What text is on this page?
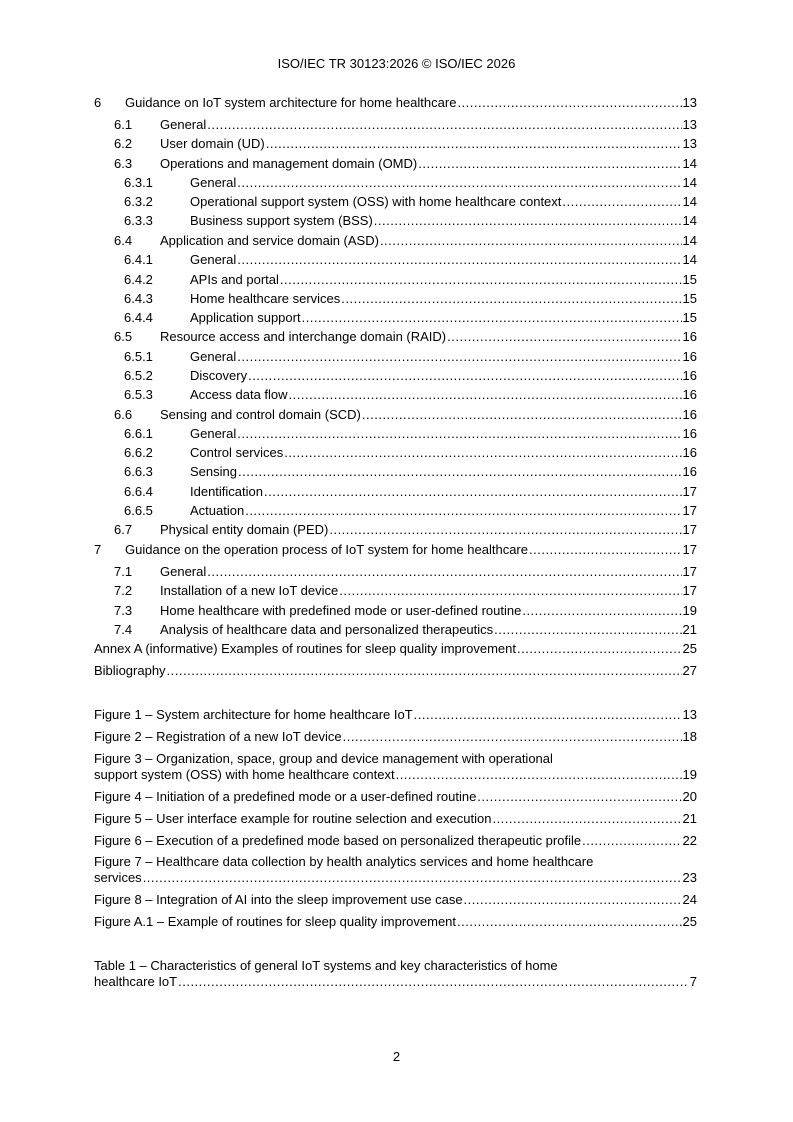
ISO/IEC TR 30123:2026 © ISO/IEC 2026
6	Guidance on IoT system architecture for home healthcare .....	13
6.1	General .....	13
6.2	User domain (UD) .....	13
6.3	Operations and management domain (OMD) .....	14
6.3.1	General .....	14
6.3.2	Operational support system (OSS) with home healthcare context .....	14
6.3.3	Business support system (BSS) .....	14
6.4	Application and service domain (ASD) .....	14
6.4.1	General .....	14
6.4.2	APIs and portal .....	15
6.4.3	Home healthcare services .....	15
6.4.4	Application support .....	15
6.5	Resource access and interchange domain (RAID) .....	16
6.5.1	General .....	16
6.5.2	Discovery .....	16
6.5.3	Access data flow .....	16
6.6	Sensing and control domain (SCD) .....	16
6.6.1	General .....	16
6.6.2	Control services .....	16
6.6.3	Sensing .....	16
6.6.4	Identification .....	17
6.6.5	Actuation .....	17
6.7	Physical entity domain (PED) .....	17
7	Guidance on the operation process of IoT system for home healthcare .....	17
7.1	General .....	17
7.2	Installation of a new IoT device .....	17
7.3	Home healthcare with predefined mode or user-defined routine .....	19
7.4	Analysis of healthcare data and personalized therapeutics .....	21
Annex A (informative) Examples of routines for sleep quality improvement .....	25
Bibliography .....	27
Figure 1 – System architecture for home healthcare IoT .....	13
Figure 2 – Registration of a new IoT device .....	18
Figure 3 – Organization, space, group and device management with operational
support system (OSS) with home healthcare context .....	19
Figure 4 – Initiation of a predefined mode or a user-defined routine .....	20
Figure 5 – User interface example for routine selection and execution .....	21
Figure 6 – Execution of a predefined mode based on personalized therapeutic profile .....	22
Figure 7 – Healthcare data collection by health analytics services and home healthcare
services .....	23
Figure 8 – Integration of AI into the sleep improvement use case .....	24
Figure A.1 – Example of routines for sleep quality improvement .....	25
Table 1 – Characteristics of general IoT systems and key characteristics of home
healthcare IoT .....	7
2
